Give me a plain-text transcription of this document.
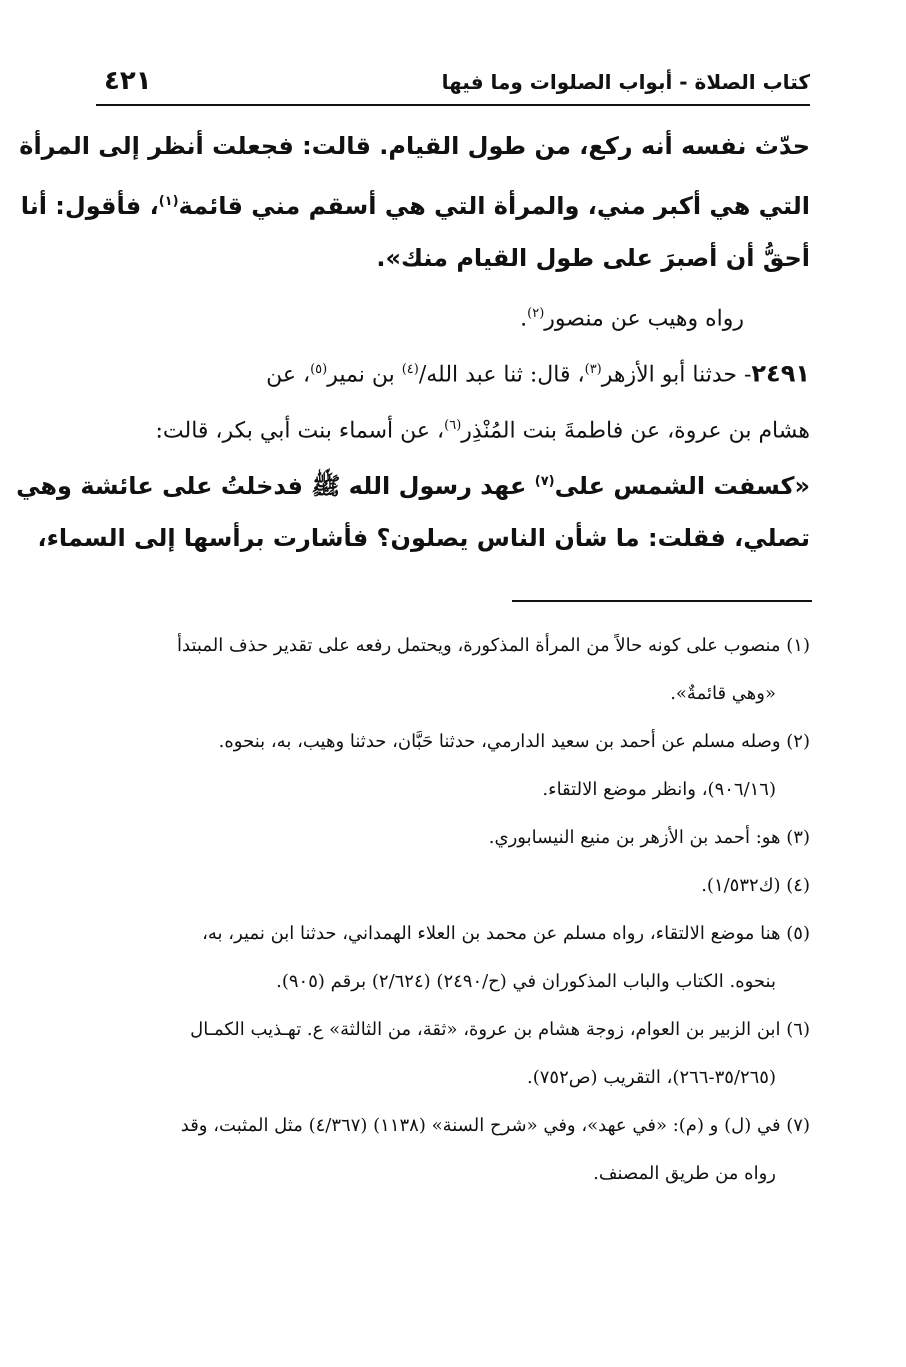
كتاب الصلاة - أبواب الصلوات وما فيها
٤٢١
حدّث نفسه أنه ركع، من طول القيام. قالت: فجعلت أنظر إلى المرأة
التي هي أكبر مني، والمرأة التي هي أسقم مني قائمة$^{(١)}$، فأقول: أنا
أحقُّ أن أصبرَ على طول القيام منك».
رواه وهيب عن منصور$^{(٢)}$.
٢٤٩١- حدثنا أبو الأزهر$^{(٣)}$، قال: ثنا عبد الله/$^{(٤)}$ بن نمير$^{(٥)}$، عن
هشام بن عروة، عن فاطمةَ بنت المُنْذِر$^{(٦)}$، عن أسماء بنت أبي بكر، قالت:
«كسفت الشمس على$^{(٧)}$ عهد رسول الله ﷺ فدخلتُ على عائشة وهي
تصلي، فقلت: ما شأن الناس يصلون؟ فأشارت برأسها إلى السماء،
(١) منصوب على كونه حالاً من المرأة المذكورة، ويحتمل رفعه على تقدير حذف المبتدأ
«وهي قائمةٌ».
(٢) وصله مسلم عن أحمد بن سعيد الدارمي، حدثنا حَبَّان، حدثنا وهيب، به، بنحوه.
(٩٠٦/١٦)، وانظر موضع الالتقاء.
(٣) هو: أحمد بن الأزهر بن منيع النيسابوري.
(٤) (ك١/٥٣٢).
(٥) هنا موضع الالتقاء، رواه مسلم عن محمد بن العلاء الهمداني، حدثنا ابن نمير، به،
بنحوه. الكتاب والباب المذكوران في (ح/٢٤٩٠) (٢/٦٢٤) برقم (٩٠٥).
(٦) ابن الزبير بن العوام، زوجة هشام بن عروة، «ثقة، من الثالثة» ع. تهـذيب الكمـال
(٣٥/٢٦٥-٢٦٦)، التقريب (ص٧٥٢).
(٧) في (ل) و (م): «في عهد»، وفي «شرح السنة» (١١٣٨) (٤/٣٦٧) مثل المثبت، وقد
رواه من طريق المصنف.
